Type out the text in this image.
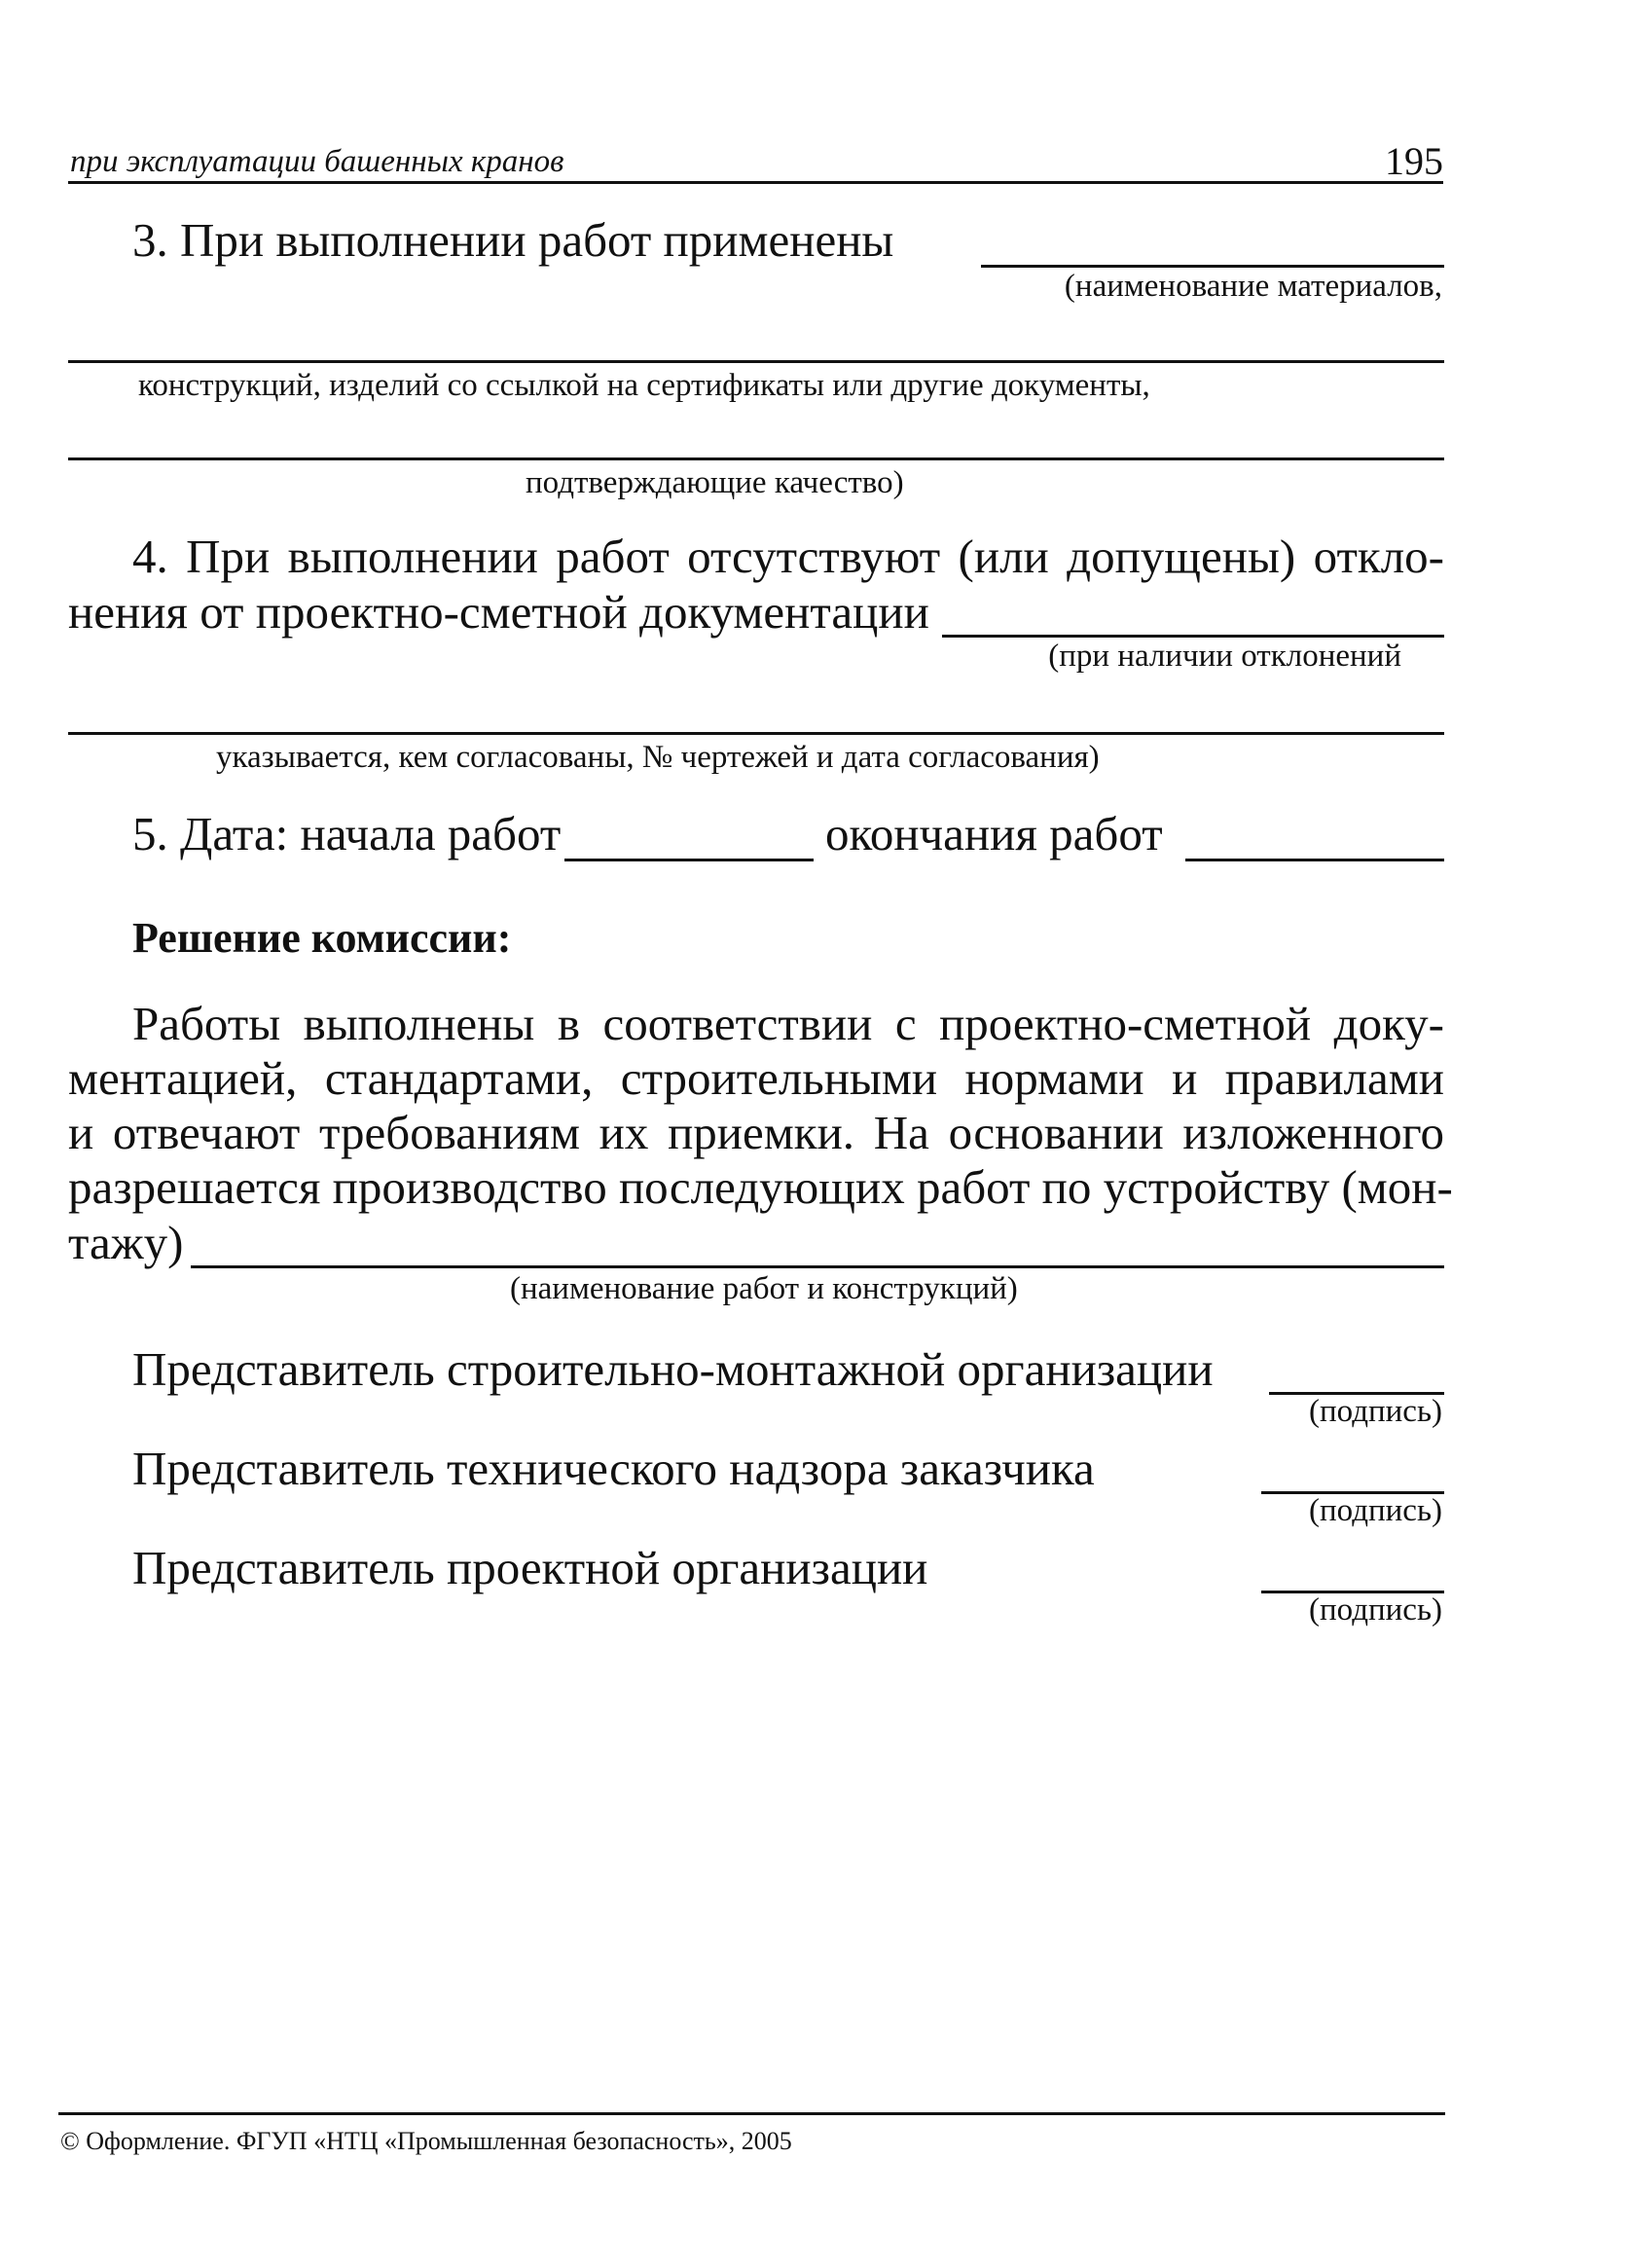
при эксплуатации башенных кранов	195
3. При выполнении работ применены
(наименование материалов,
конструкций, изделий со ссылкой на сертификаты или другие документы,
подтверждающие качество)
4. При выполнении работ отсутствуют (или допущены) откло-
нения от проектно-сметной документации
(при наличии отклонений
указывается, кем согласованы, № чертежей и дата согласования)
5. Дата: начала работ	окончания работ
Решение комиссии:
Работы выполнены в соответствии с проектно-сметной доку-
ментацией, стандартами, строительными нормами и правилами
и отвечают требованиям их приемки. На основании изложенного
разрешается производство последующих работ по устройству (мон-
тажу)
(наименование работ и конструкций)
Представитель строительно-монтажной организации
(подпись)
Представитель технического надзора заказчика
(подпись)
Представитель проектной организации
(подпись)
© Оформление. ФГУП «НТЦ «Промышленная безопасность», 2005
